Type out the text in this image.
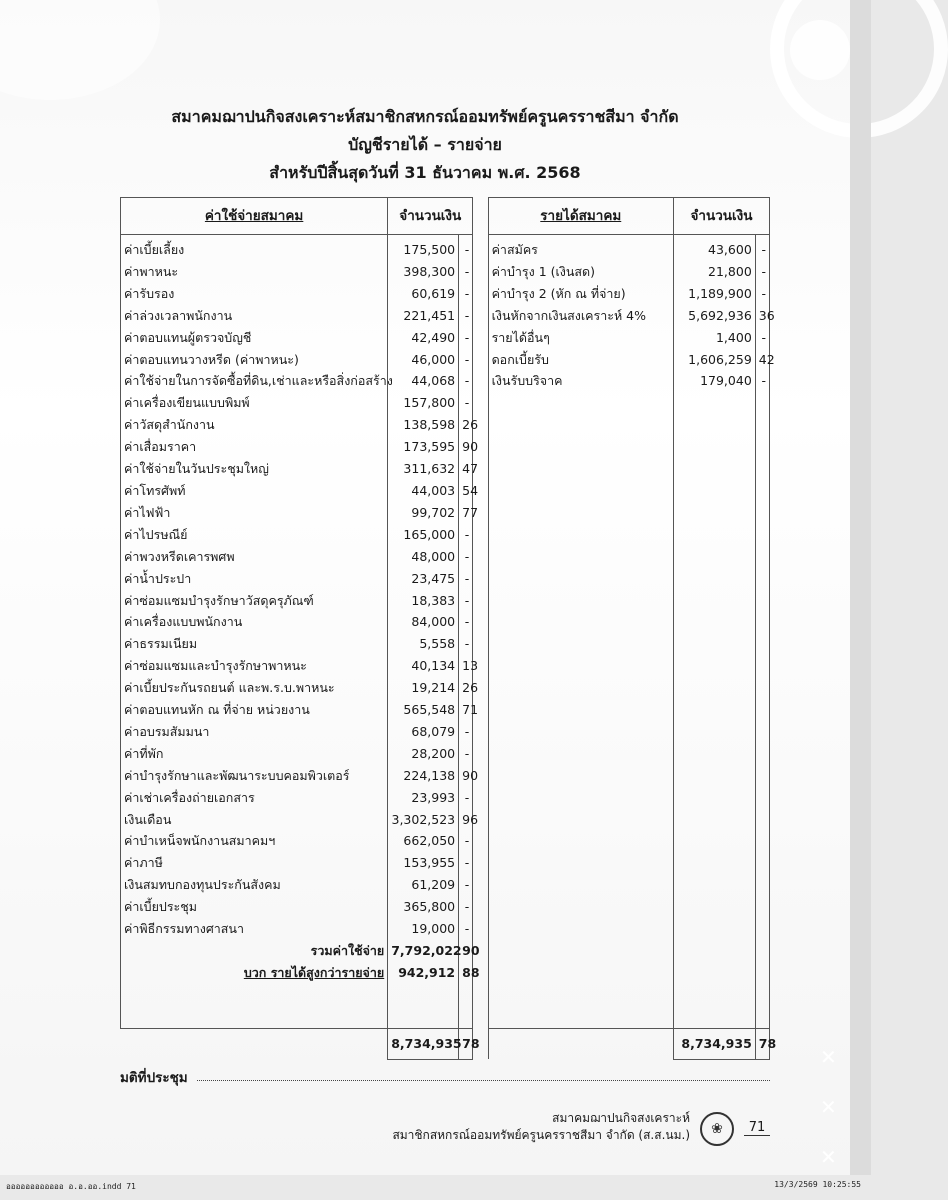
สมาคมฌาปนกิจสงเคราะห์สมาชิกสหกรณ์ออมทรัพย์ครูนครราชสีมา จำกัด
บัญชีรายได้ – รายจ่าย
สำหรับปีสิ้นสุดวันที่ 31 ธันวาคม พ.ศ. 2568
ค่าใช้จ่ายสมาคม	จำนวนเงิน			รายได้สมาคม	จำนวนเงิน	
ค่าเบี้ยเลี้ยง	175,500	-		ค่าสมัคร	43,600	-
ค่าพาหนะ	398,300	-		ค่าบำรุง 1 (เงินสด)	21,800	-
ค่ารับรอง	60,619	-		ค่าบำรุง 2 (หัก ณ ที่จ่าย)	1,189,900	-
ค่าล่วงเวลาพนักงาน	221,451	-		เงินหักจากเงินสงเคราะห์ 4%	5,692,936	36
ค่าตอบแทนผู้ตรวจบัญชี	42,490	-		รายได้อื่นๆ	1,400	-
ค่าตอบแทนวางหรีด (ค่าพาหนะ)	46,000	-		ดอกเบี้ยรับ	1,606,259	42
ค่าใช้จ่ายในการจัดซื้อที่ดิน,เช่าและหรือสิ่งก่อสร้าง	44,068	-		เงินรับบริจาค	179,040	-
ค่าเครื่องเขียนแบบพิมพ์	157,800	-				
ค่าวัสดุสำนักงาน	138,598	26				
ค่าเสื่อมราคา	173,595	90				
ค่าใช้จ่ายในวันประชุมใหญ่	311,632	47				
ค่าโทรศัพท์	44,003	54				
ค่าไฟฟ้า	99,702	77				
ค่าไปรษณีย์	165,000	-				
ค่าพวงหรีดเคารพศพ	48,000	-				
ค่าน้ำประปา	23,475	-				
ค่าซ่อมแซมบำรุงรักษาวัสดุครุภัณฑ์	18,383	-				
ค่าเครื่องแบบพนักงาน	84,000	-				
ค่าธรรมเนียม	5,558	-				
ค่าซ่อมแซมและบำรุงรักษาพาหนะ	40,134	13				
ค่าเบี้ยประกันรถยนต์ และพ.ร.บ.พาหนะ	19,214	26				
ค่าตอบแทนหัก ณ ที่จ่าย หน่วยงาน	565,548	71				
ค่าอบรมสัมมนา	68,079	-				
ค่าที่พัก	28,200	-				
ค่าบำรุงรักษาและพัฒนาระบบคอมพิวเตอร์	224,138	90				
ค่าเช่าเครื่องถ่ายเอกสาร	23,993	-				
เงินเดือน	3,302,523	96				
ค่าบำเหน็จพนักงานสมาคมฯ	662,050	-				
ค่าภาษี	153,955	-				
เงินสมทบกองทุนประกันสังคม	61,209	-				
ค่าเบี้ยประชุม	365,800	-				
ค่าพิธีกรรมทางศาสนา	19,000	-				
รวมค่าใช้จ่าย	7,792,022	90				
บวก รายได้สูงกว่ารายจ่าย	942,912	88				

	8,734,935	78			8,734,935	78
มติที่ประชุม
สมาคมฌาปนกิจสงเคราะห์
สมาชิกสหกรณ์ออมทรัพย์ครูนครราชสีมา จำกัด (ส.ส.นม.)	❀	71
✕
✕
✕
ออออออออออออ อ.อ.ออ.indd 71	13/3/2569 10:25:55
